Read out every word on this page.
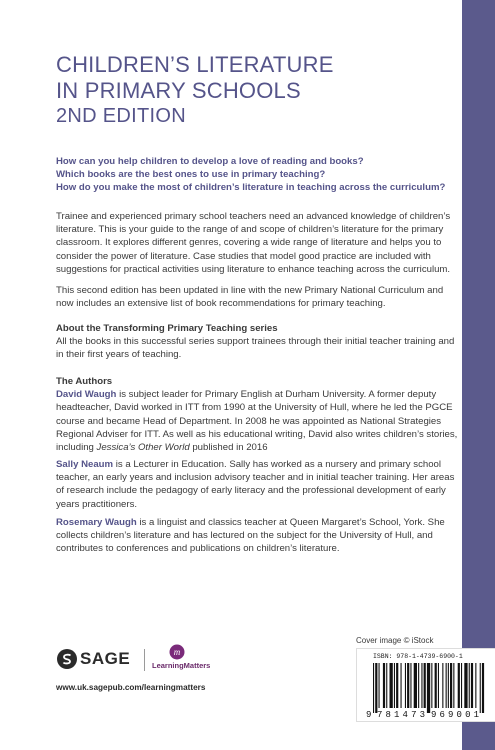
CHILDREN’S LITERATURE
IN PRIMARY SCHOOLS
2ND EDITION
How can you help children to develop a love of reading and books?
Which books are the best ones to use in primary teaching?
How do you make the most of children’s literature in teaching across the curriculum?
Trainee and experienced primary school teachers need an advanced knowledge of children’s literature. This is your guide to the range of and scope of children’s literature for the primary classroom. It explores different genres, covering a wide range of literature and helps you to consider the power of literature. Case studies that model good practice are included with suggestions for practical activities using literature to enhance teaching across the curriculum.
This second edition has been updated in line with the new Primary National Curriculum and now includes an extensive list of book recommendations for primary teaching.
About the Transforming Primary Teaching series
All the books in this successful series support trainees through their initial teacher training and in their first years of teaching.
The Authors
David Waugh is subject leader for Primary English at Durham University. A former deputy headteacher, David worked in ITT from 1990 at the University of Hull, where he led the PGCE course and became Head of Department. In 2008 he was appointed as National Strategies Regional Adviser for ITT. As well as his educational writing, David also writes children’s stories, including Jessica’s Other World published in 2016
Sally Neaum is a Lecturer in Education. Sally has worked as a nursery and primary school teacher, an early years and inclusion advisory teacher and in initial teacher training. Her areas of research include the pedagogy of early literacy and the professional development of early years practitioners.
Rosemary Waugh is a linguist and classics teacher at Queen Margaret’s School, York. She collects children’s literature and has lectured on the subject for the University of Hull, and contributes to conferences and publications on children’s literature.
Cover image © iStock
SAGE	m
LearningMatters
www.uk.sagepub.com/learningmatters
ISBN: 978-1-4739-6900-1
9 781473 969001
